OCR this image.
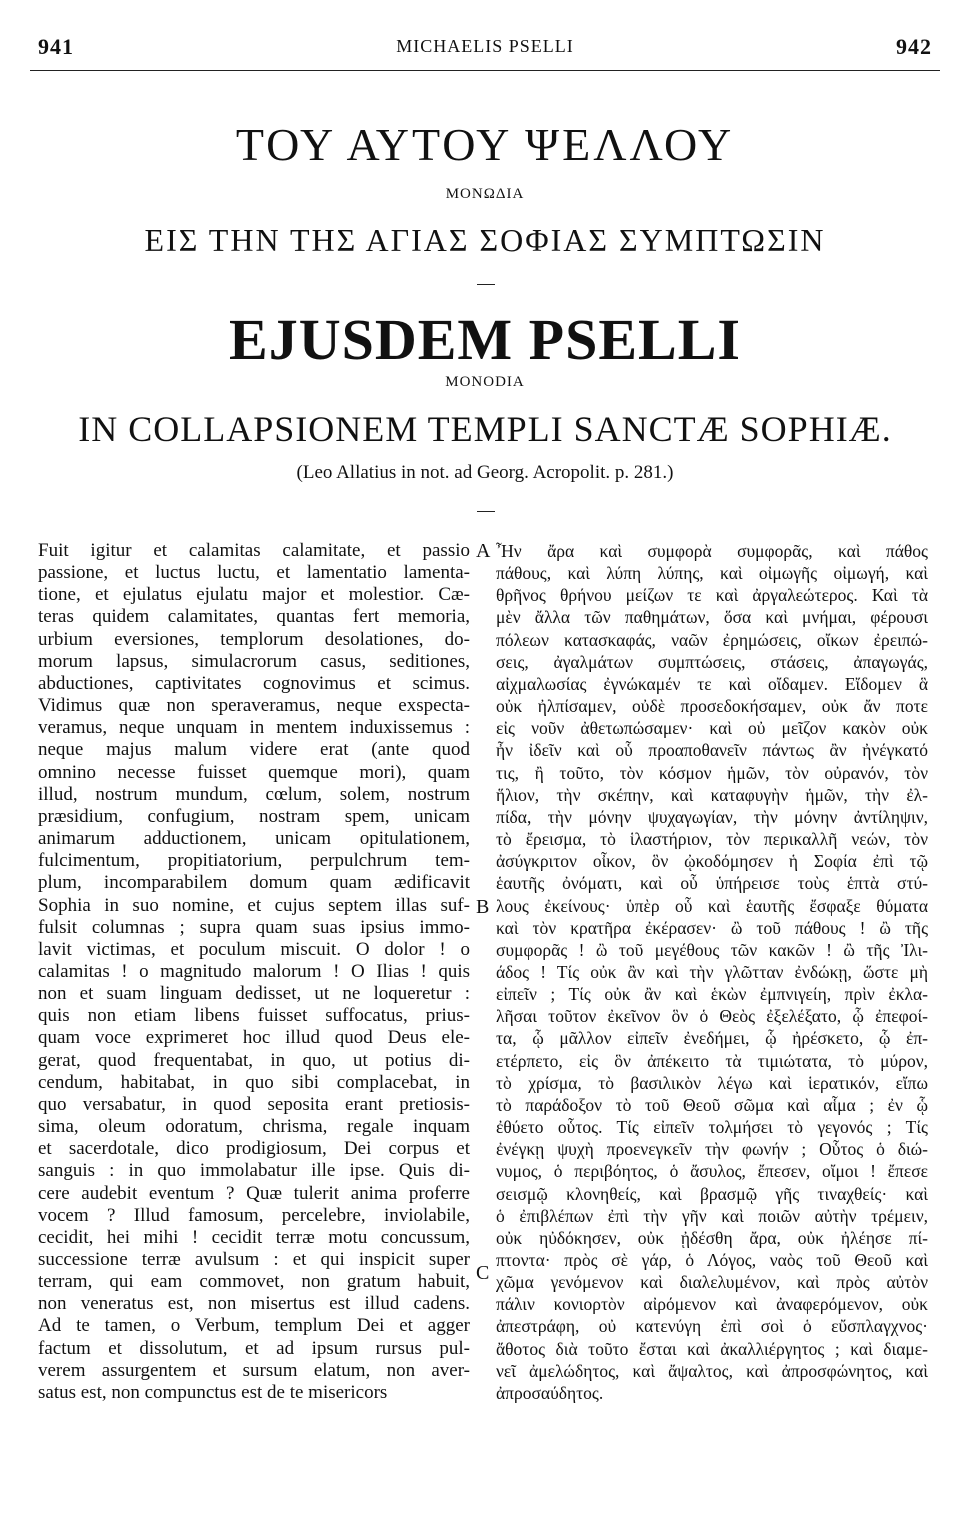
941	MICHAELIS PSELLI	942
ΤΟΥ ΑΥΤΟΥ ΨΕΛΛΟΥ
ΜΟΝΩΔΙΑ
ΕΙΣ ΤΗΝ ΤΗΣ ΑΓΙΑΣ ΣΟΦΙΑΣ ΣΥΜΠΤΩΣΙΝ
EJUSDEM PSELLI
MONODIA
IN COLLAPSIONEM TEMPLI SANCTÆ SOPHIÆ.
(Leo Allatius in not. ad Georg. Acropolit. p. 281.)
Fuit igitur et calamitas calamitate, et passio
passione, et luctus luctu, et lamentatio lamenta-
tione, et ejulatus ejulatu major et molestior. Cæ-
teras quidem calamitates, quantas fert memoria,
urbium eversiones, templorum desolationes, do-
morum lapsus, simulacrorum casus, seditiones,
abductiones, captivitates cognovimus et scimus.
Vidimus quæ non speraveramus, neque exspecta-
veramus, neque unquam in mentem induxissemus :
neque majus malum videre erat (ante quod
omnino necesse fuisset quemque mori), quam
illud, nostrum mundum, cœlum, solem, nostrum
præsidium, confugium, nostram spem, unicam
animarum adductionem, unicam opitulationem,
fulcimentum, propitiatorium, perpulchrum tem-
plum, incomparabilem domum quam ædificavit
Sophia in suo nomine, et cujus septem illas suf-
fulsit columnas ; supra quam suas ipsius immo-
lavit victimas, et poculum miscuit. O dolor ! o
calamitas ! o magnitudo malorum ! O Ilias ! quis
non et suam linguam dedisset, ut ne loqueretur :
quis non etiam libens fuisset suffocatus, prius-
quam voce exprimeret hoc illud quod Deus ele-
gerat, quod frequentabat, in quo, ut potius di-
cendum, habitabat, in quo sibi complacebat, in
quo versabatur, in quod seposita erant pretiosis-
sima, oleum odoratum, chrisma, regale inquam
et sacerdotale, dico prodigiosum, Dei corpus et
sanguis : in quo immolabatur ille ipse. Quis di-
cere audebit eventum ? Quæ tulerit anima proferre
vocem ? Illud famosum, percelebre, inviolabile,
cecidit, hei mihi ! cecidit terræ motu concussum,
successione terræ avulsum : et qui inspicit super
terram, qui eam commovet, non gratum habuit,
non veneratus est, non misertus est illud cadens.
Ad te tamen, o Verbum, templum Dei et agger
factum et dissolutum, et ad ipsum rursus pul-
verem assurgentem et sursum elatum, non aver-
satus est, non compunctus est de te misericors
Ἦν ἄρα καὶ συμφορὰ συμφορᾶς, καὶ πάθος
πάθους, καὶ λύπη λύπης, καὶ οἰμωγῆς οἰμωγή, καὶ
θρῆνος θρήνου μείζων τε καὶ ἀργαλεώτερος. Καὶ τὰ
μὲν ἄλλα τῶν παθημάτων, ὅσα καὶ μνήμαι, φέρουσι
πόλεων κατασκαφάς, ναῶν ἐρημώσεις, οἴκων ἐρειπώ-
σεις, ἀγαλμάτων συμπτώσεις, στάσεις, ἀπαγωγάς,
αἰχμαλωσίας ἐγνώκαμέν τε καὶ οἴδαμεν. Εἴδομεν ἃ
οὐκ ἠλπίσαμεν, οὐδὲ προσεδοκήσαμεν, οὐκ ἄν ποτε
εἰς νοῦν ἀθετωπώσαμεν· καὶ οὐ μεῖζον κακὸν οὐκ
ἦν ἰδεῖν καὶ οὗ προαποθανεῖν πάντως ἂν ἠνέγκατό
τις, ἢ τοῦτο, τὸν κόσμον ἡμῶν, τὸν οὐρανόν, τὸν
ἥλιον, τὴν σκέπην, καὶ καταφυγὴν ἡμῶν, τὴν ἐλ-
πίδα, τὴν μόνην ψυχαγωγίαν, τὴν μόνην ἀντίληψιν,
τὸ ἔρεισμα, τὸ ἱλαστήριον, τὸν περικαλλῆ νεών, τὸν
ἀσύγκριτον οἶκον, ὃν ᾠκοδόμησεν ἡ Σοφία ἐπὶ τῷ
ἑαυτῆς ὀνόματι, καὶ οὗ ὑπήρεισε τοὺς ἑπτὰ στύ-
λους ἐκείνους· ὑπὲρ οὗ καὶ ἑαυτῆς ἔσφαξε θύματα
καὶ τὸν κρατῆρα ἐκέρασεν· ὢ τοῦ πάθους ! ὢ τῆς
συμφορᾶς ! ὢ τοῦ μεγέθους τῶν κακῶν ! ὢ τῆς Ἰλι-
άδος ! Τίς οὐκ ἂν καὶ τὴν γλῶτταν ἐνδώκῃ, ὥστε μὴ
εἰπεῖν ; Τίς οὐκ ἂν καὶ ἑκὼν ἐμπνιγείη, πρὶν ἐκλα-
λῆσαι τοῦτον ἐκεῖνον ὃν ὁ Θεὸς ἐξελέξατο, ᾧ ἐπεφοί-
τα, ᾧ μᾶλλον εἰπεῖν ἐνεδήμει, ᾧ ἠρέσκετο, ᾧ ἐπ-
ετέρπετο, εἰς ὃν ἀπέκειτο τὰ τιμιώτατα, τὸ μύρον,
τὸ χρίσμα, τὸ βασιλικὸν λέγω καὶ ἱερατικόν, εἴπω
τὸ παράδοξον τὸ τοῦ Θεοῦ σῶμα καὶ αἷμα ; ἐν ᾧ
ἐθύετο οὗτος. Τίς εἰπεῖν τολμήσει τὸ γεγονός ; Τίς
ἐνέγκῃ ψυχὴ προενεγκεῖν τὴν φωνήν ; Οὗτος ὁ διώ-
νυμος, ὁ περιβόητος, ὁ ἄσυλος, ἔπεσεν, οἴμοι ! ἔπεσε
σεισμῷ κλονηθείς, καὶ βρασμῷ γῆς τιναχθείς· καὶ
ὁ ἐπιβλέπων ἐπὶ τὴν γῆν καὶ ποιῶν αὐτὴν τρέμειν,
οὐκ ηὐδόκησεν, οὐκ ᾐδέσθη ἄρα, οὐκ ἠλέησε πί-
πτοντα· πρὸς σὲ γάρ, ὁ Λόγος, ναὸς τοῦ Θεοῦ καὶ
χῶμα γενόμενον καὶ διαλελυμένον, καὶ πρὸς αὐτὸν
πάλιν κονιορτὸν αἰρόμενον καὶ ἀναφερόμενον, οὐκ
ἀπεστράφη, οὐ κατενύγη ἐπὶ σοὶ ὁ εὔσπλαγχνος·
ἄθοτος διὰ τοῦτο ἔσται καὶ ἀκαλλιέργητος ; καὶ διαμε-
νεῖ ἀμελώδητος, καὶ ἄψαλτος, καὶ ἀπροσφώνητος, καὶ
ἀπροσαύδητος.
A
B
C
